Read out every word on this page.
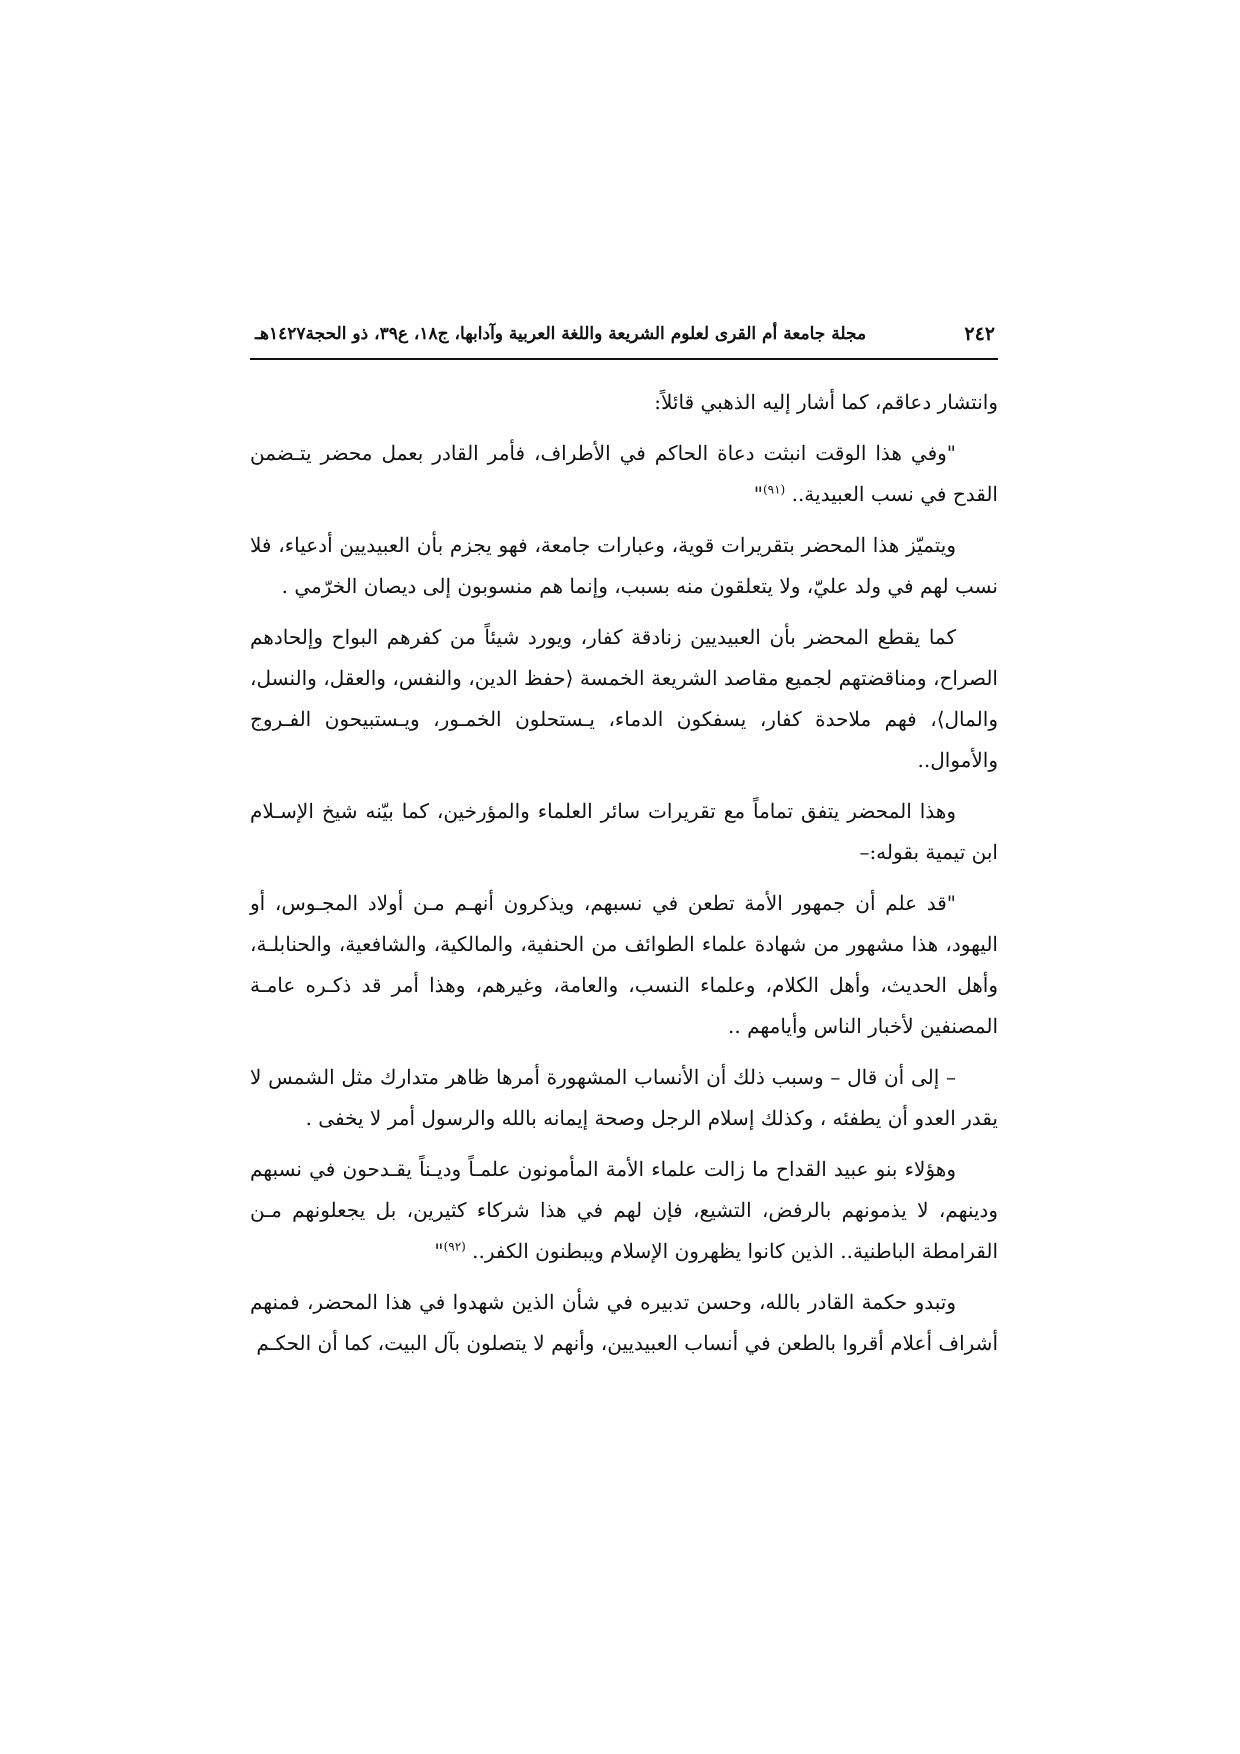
٢٤٢
مجلة جامعة أم القرى لعلوم الشريعة واللغة العربية وآدابها، ج١٨، ع٣٩، ذو الحجة١٤٢٧هـ

وانتشار دعاقم، كما أشار إليه الذهبي قائلاً:

"وفي هذا الوقت انبثت دعاة الحاكم في الأطراف، فأمر القادر بعمل محضر يتـضمن القدح في نسب العبيدية.. $^{(٩١)}$"

ويتميّز هذا المحضر بتقريرات قوية، وعبارات جامعة، فهو يجزم بأن العبيديين أدعياء، فلا نسب لهم في ولد عليّ، ولا يتعلقون منه بسبب، وإنما هم منسوبون إلى ديصان الخرّمي .

كما يقطع المحضر بأن العبيديين زنادقة كفار، ويورد شيئاً من كفرهم البواح وإلحادهم الصراح، ومناقضتهم لجميع مقاصد الشريعة الخمسة ⟨حفظ الدين، والنفس، والعقل، والنسل، والمال⟩، فهم ملاحدة كفار، يسفكون الدماء، يـستحلون الخمـور، ويـستبيحون الفـروج والأموال..

وهذا المحضر يتفق تماماً مع تقريرات سائر العلماء والمؤرخين، كما بيّنه شيخ الإسـلام ابن تيمية بقوله:–

"قد علم أن جمهور الأمة تطعن في نسبهم، ويذكرون أنهـم مـن أولاد المجـوس، أو اليهود، هذا مشهور من شهادة علماء الطوائف من الحنفية، والمالكية، والشافعية، والحنابلـة، وأهل الحديث، وأهل الكلام، وعلماء النسب، والعامة، وغيرهم، وهذا أمر قد ذكـره عامـة المصنفين لأخبار الناس وأيامهم ..

– إلى أن قال – وسبب ذلك أن الأنساب المشهورة أمرها ظاهر متدارك مثل الشمس لا يقدر العدو أن يطفئه ، وكذلك إسلام الرجل وصحة إيمانه بالله والرسول أمر لا يخفى .

وهؤلاء بنو عبيد القداح ما زالت علماء الأمة المأمونون علمـاً وديـناً يقـدحون في نسبهم ودينهم، لا يذمونهم بالرفض، التشيع، فإن لهم في هذا شركاء كثيرين، بل يجعلونهم مـن القرامطة الباطنية.. الذين كانوا يظهرون الإسلام ويبطنون الكفر.. $^{(٩٢)}$"

وتبدو حكمة القادر بالله، وحسن تدبيره في شأن الذين شهدوا في هذا المحضر، فمنهم أشراف أعلام أقروا بالطعن في أنساب العبيديين، وأنهم لا يتصلون بآل البيت، كما أن الحكـم
